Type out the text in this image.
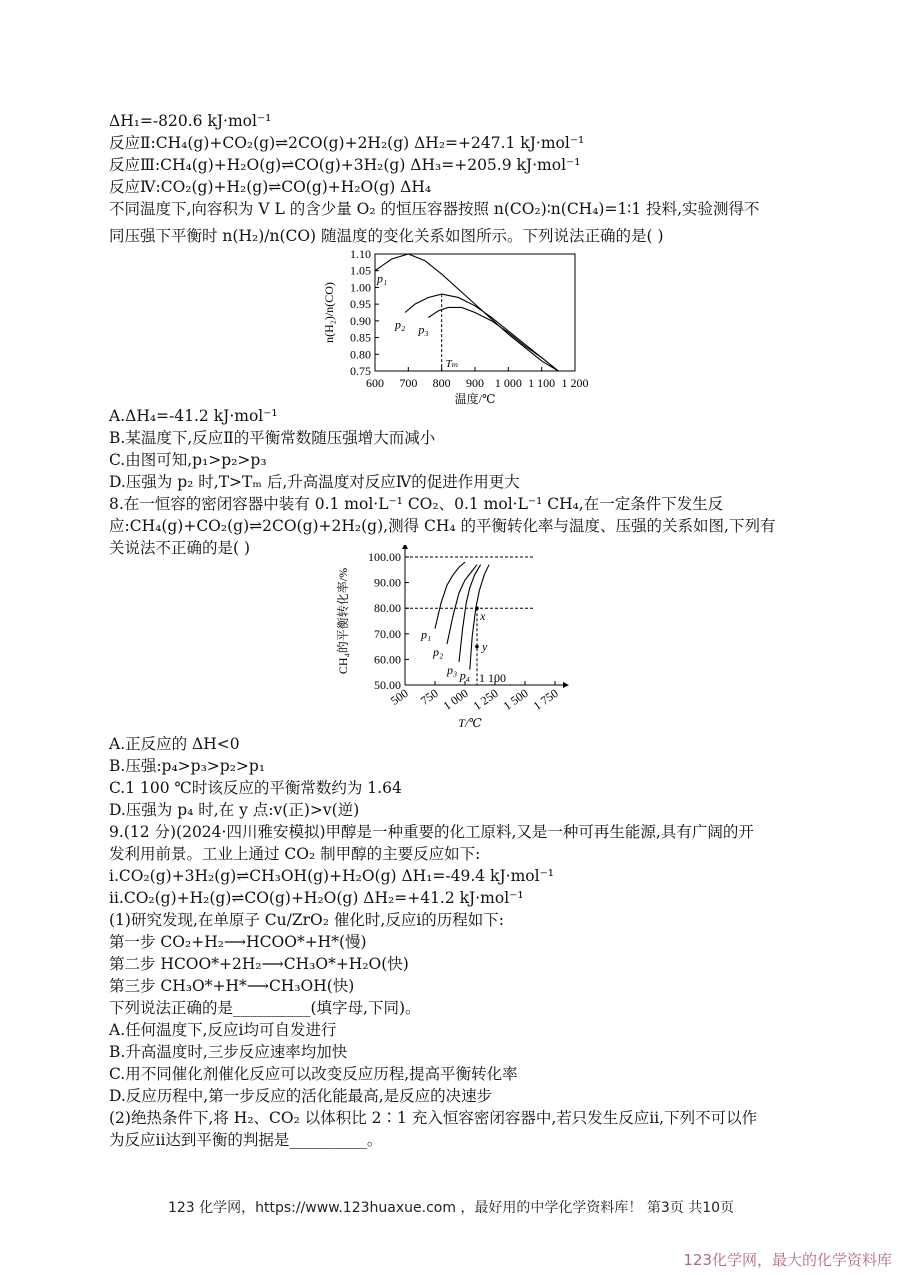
ΔH₁=-820.6 kJ·mol⁻¹
反应Ⅱ:CH₄(g)+CO₂(g)⇌2CO(g)+2H₂(g) ΔH₂=+247.1 kJ·mol⁻¹
反应Ⅲ:CH₄(g)+H₂O(g)⇌CO(g)+3H₂(g) ΔH₃=+205.9 kJ·mol⁻¹
反应Ⅳ:CO₂(g)+H₂(g)⇌CO(g)+H₂O(g) ΔH₄
不同温度下,向容积为 V L 的含少量 O₂ 的恒压容器按照 n(CO₂)∶n(CH₄)=1∶1 投料,实验测得不
同压强下平衡时 n(H₂)/n(CO) 随温度的变化关系如图所示。下列说法正确的是( )
A.ΔH₄=-41.2 kJ·mol⁻¹
B.某温度下,反应Ⅱ的平衡常数随压强增大而减小
C.由图可知,p₁>p₂>p₃
D.压强为 p₂ 时,T>Tₘ 后,升高温度对反应Ⅳ的促进作用更大
8.在一恒容的密闭容器中装有 0.1 mol·L⁻¹ CO₂、0.1 mol·L⁻¹ CH₄,在一定条件下发生反
应:CH₄(g)+CO₂(g)⇌2CO(g)+2H₂(g),测得 CH₄ 的平衡转化率与温度、压强的关系如图,下列有
关说法不正确的是( )
A.正反应的 ΔH<0
B.压强:p₄>p₃>p₂>p₁
C.1 100 ℃时该反应的平衡常数约为 1.64
D.压强为 p₄ 时,在 y 点:v(正)>v(逆)
9.(12 分)(2024·四川雅安模拟)甲醇是一种重要的化工原料,又是一种可再生能源,具有广阔的开
发利用前景。工业上通过 CO₂ 制甲醇的主要反应如下:
ⅰ.CO₂(g)+3H₂(g)⇌CH₃OH(g)+H₂O(g) ΔH₁=-49.4 kJ·mol⁻¹
ⅱ.CO₂(g)+H₂(g)⇌CO(g)+H₂O(g) ΔH₂=+41.2 kJ·mol⁻¹
(1)研究发现,在单原子 Cu/ZrO₂ 催化时,反应ⅰ的历程如下:
第一步 CO₂+H₂⟶HCOO*+H*(慢)
第二步 HCOO*+2H₂⟶CH₃O*+H₂O(快)
第三步 CH₃O*+H*⟶CH₃OH(快)
下列说法正确的是__________(填字母,下同)。
A.任何温度下,反应ⅰ均可自发进行
B.升高温度时,三步反应速率均加快
C.用不同催化剂催化反应可以改变反应历程,提高平衡转化率
D.反应历程中,第一步反应的活化能最高,是反应的决速步
(2)绝热条件下,将 H₂、CO₂ 以体积比 2∶1 充入恒容密闭容器中,若只发生反应ⅱ,下列不可以作
为反应ⅱ达到平衡的判据是__________。
0.75
0.80
0.85
0.90
0.95
1.00
1.05
1.10
600 700 800 900 1 000 1 100 1 200
温度/℃
n(H₂)/n(CO)
Tₘ
p₁
p₂ p₃
50.00
60.00
70.00
80.00
90.00
100.00
500 750 1 000 1 250 1 500 1 750
T/℃
CH₄的平衡转化率/%	x
y
1 100
p₁
p₂
p₃ p₄
123 化学网，https://www.123huaxue.com ，最好用的中学化学资料库！ 第3页 共10页
123化学网，最大的化学资料库
